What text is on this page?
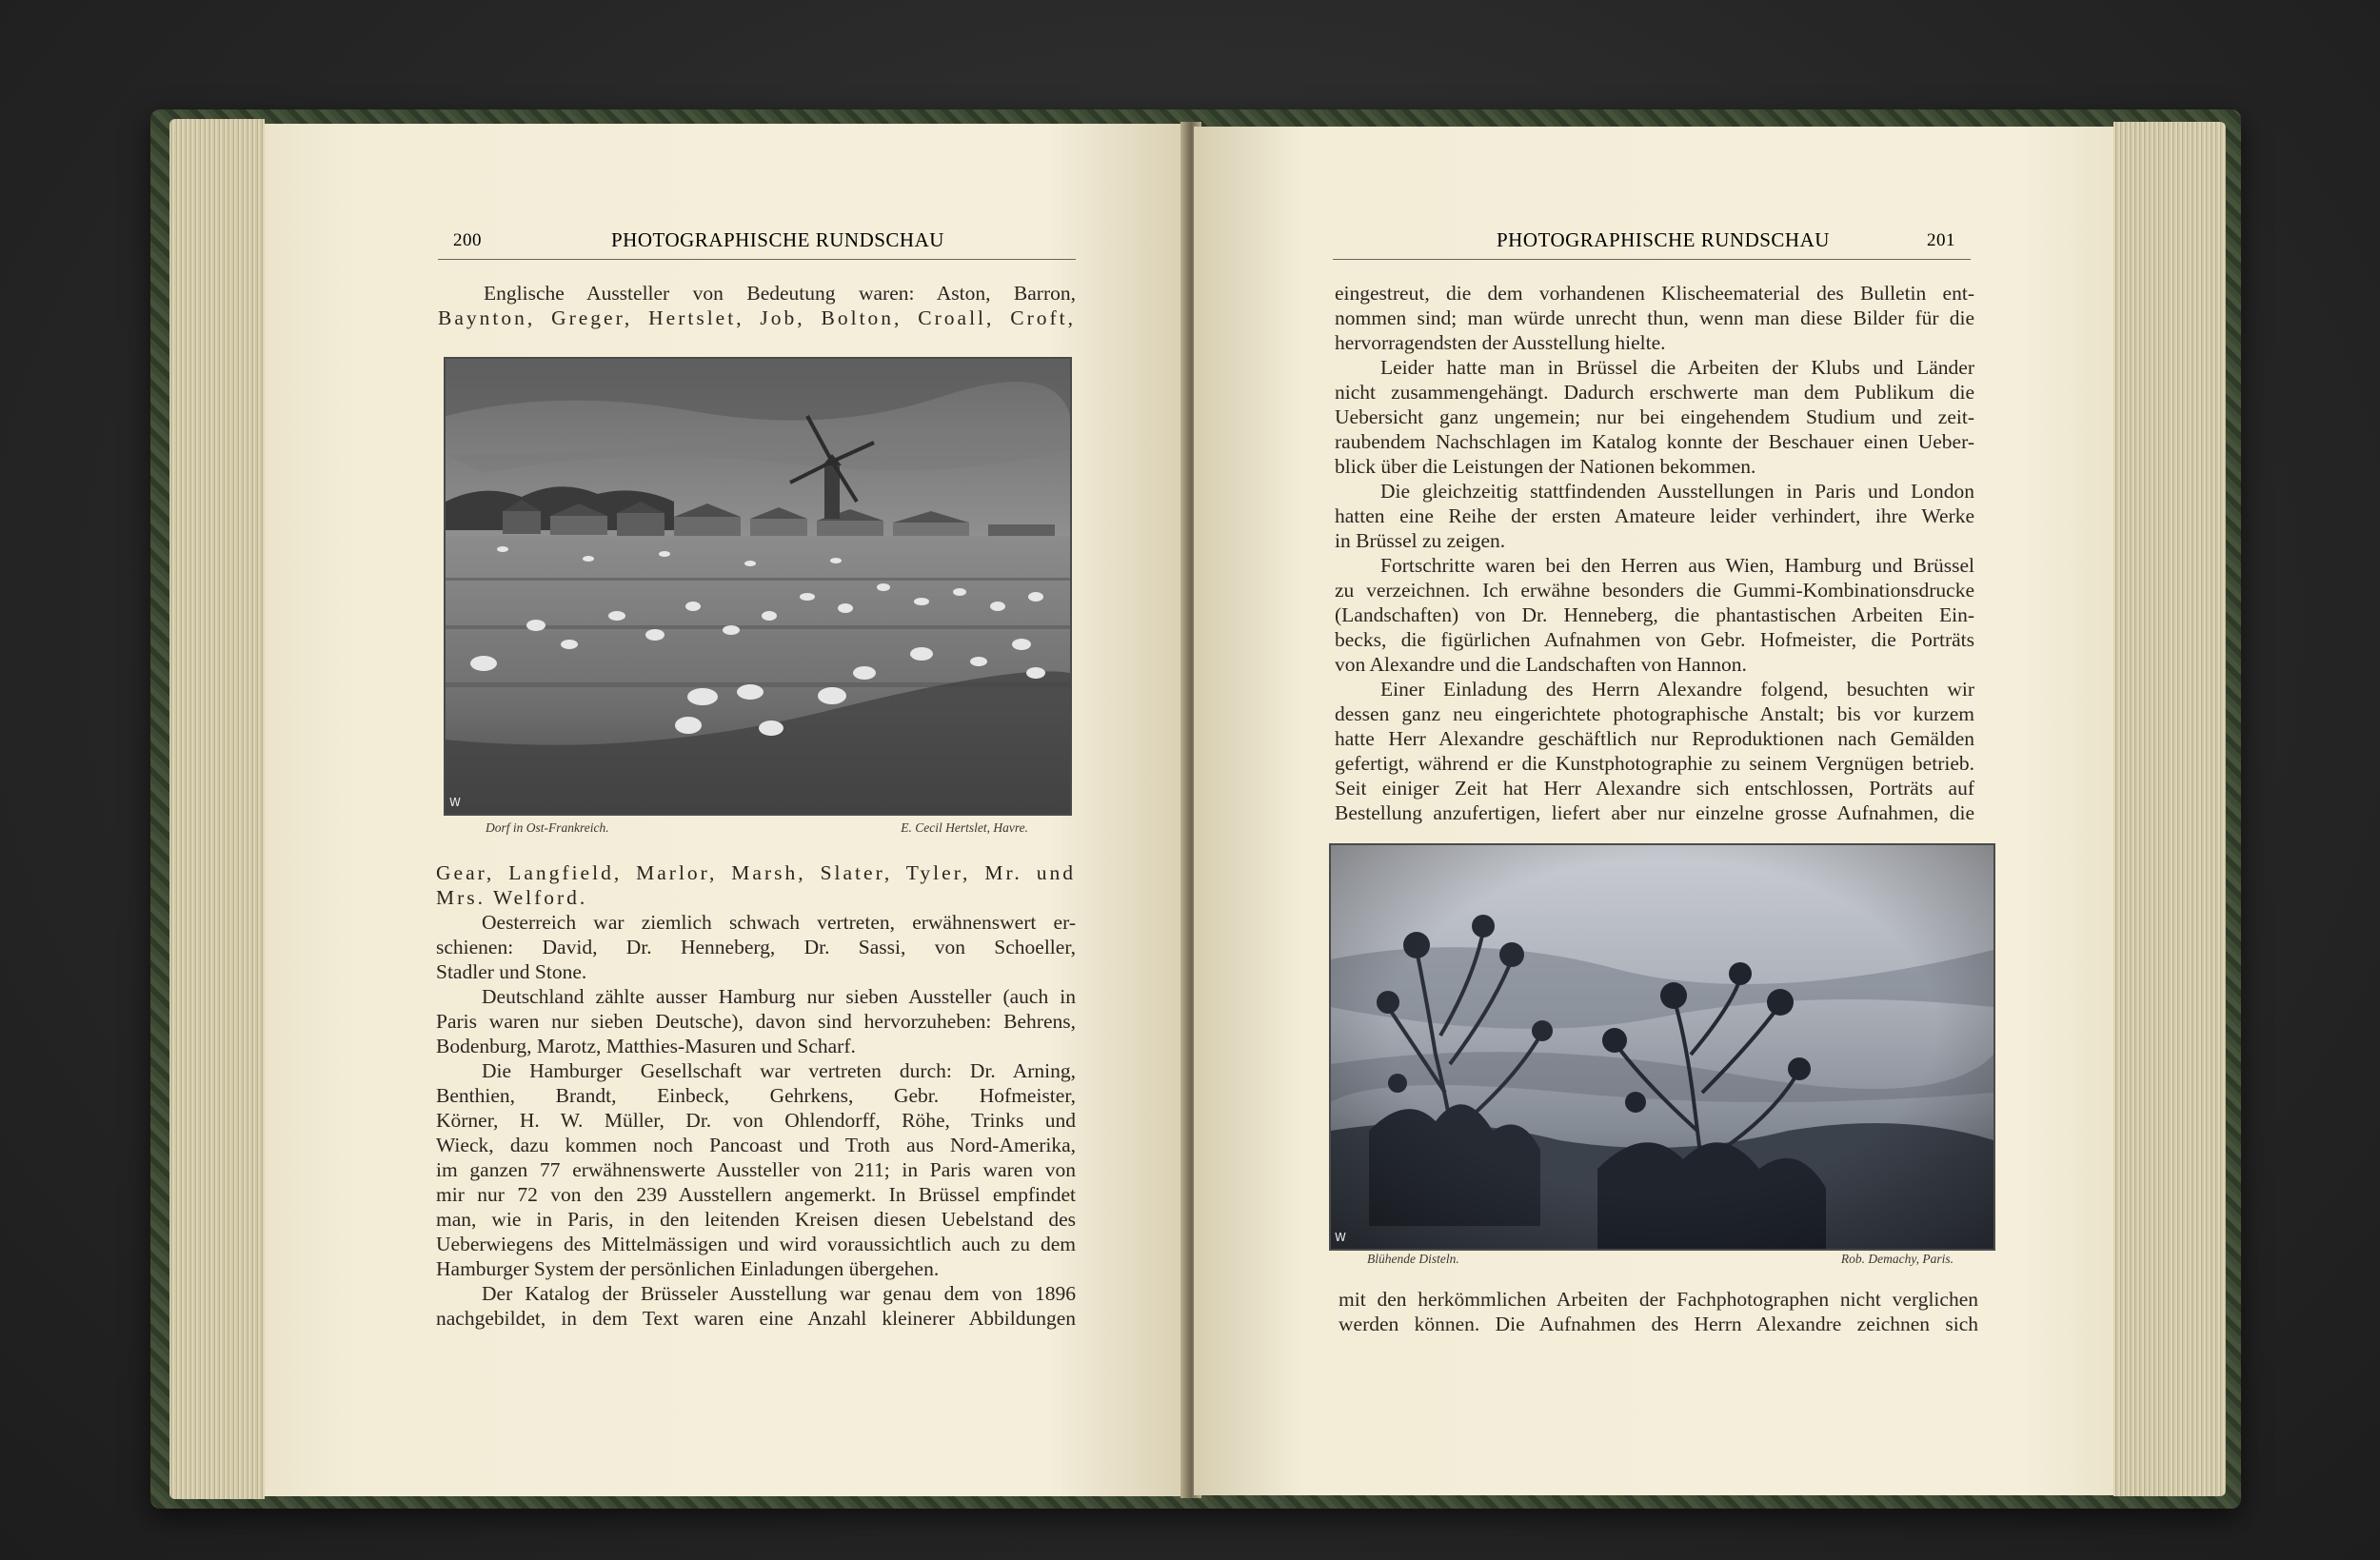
200	PHOTOGRAPHISCHE RUNDSCHAU

Englische Aussteller von Bedeutung waren: Aston, Barron,

Baynton, Greger, Hertslet, Job, Bolton, Croall, Croft,

W
Dorf in Ost-Frankreich.	E. Cecil Hertslet, Havre.

Gear, Langfield, Marlor, Marsh, Slater, Tyler, Mr. und

Mrs. Welford.

Oesterreich war ziemlich schwach vertreten, erwähnenswert er-

schienen: David, Dr. Henneberg, Dr. Sassi, von Schoeller,

Stadler und Stone.

Deutschland zählte ausser Hamburg nur sieben Aussteller (auch in

Paris waren nur sieben Deutsche), davon sind hervorzuheben: Behrens,

Bodenburg, Marotz, Matthies-Masuren und Scharf.

Die Hamburger Gesellschaft war vertreten durch: Dr. Arning,

Benthien, Brandt, Einbeck, Gehrkens, Gebr. Hofmeister,

Körner, H. W. Müller, Dr. von Ohlendorff, Röhe, Trinks und

Wieck, dazu kommen noch Pancoast und Troth aus Nord-Amerika,

im ganzen 77 erwähnenswerte Aussteller von 211; in Paris waren von

mir nur 72 von den 239 Ausstellern angemerkt. In Brüssel empfindet

man, wie in Paris, in den leitenden Kreisen diesen Uebelstand des

Ueberwiegens des Mittelmässigen und wird voraussichtlich auch zu dem

Hamburger System der persönlichen Einladungen übergehen.

Der Katalog der Brüsseler Ausstellung war genau dem von 1896

nachgebildet, in dem Text waren eine Anzahl kleinerer Abbildungen

PHOTOGRAPHISCHE RUNDSCHAU	201

eingestreut, die dem vorhandenen Klischeematerial des Bulletin ent-

nommen sind; man würde unrecht thun, wenn man diese Bilder für die

hervorragendsten der Ausstellung hielte.

Leider hatte man in Brüssel die Arbeiten der Klubs und Länder

nicht zusammengehängt. Dadurch erschwerte man dem Publikum die

Uebersicht ganz ungemein; nur bei eingehendem Studium und zeit-

raubendem Nachschlagen im Katalog konnte der Beschauer einen Ueber-

blick über die Leistungen der Nationen bekommen.

Die gleichzeitig stattfindenden Ausstellungen in Paris und London

hatten eine Reihe der ersten Amateure leider verhindert, ihre Werke

in Brüssel zu zeigen.

Fortschritte waren bei den Herren aus Wien, Hamburg und Brüssel

zu verzeichnen. Ich erwähne besonders die Gummi-Kombinationsdrucke

(Landschaften) von Dr. Henneberg, die phantastischen Arbeiten Ein-

becks, die figürlichen Aufnahmen von Gebr. Hofmeister, die Porträts

von Alexandre und die Landschaften von Hannon.

Einer Einladung des Herrn Alexandre folgend, besuchten wir

dessen ganz neu eingerichtete photographische Anstalt; bis vor kurzem

hatte Herr Alexandre geschäftlich nur Reproduktionen nach Gemälden

gefertigt, während er die Kunstphotographie zu seinem Vergnügen betrieb.

Seit einiger Zeit hat Herr Alexandre sich entschlossen, Porträts auf

Bestellung anzufertigen, liefert aber nur einzelne grosse Aufnahmen, die

W
Blühende Disteln.	Rob. Demachy, Paris.

mit den herkömmlichen Arbeiten der Fachphotographen nicht verglichen

werden können. Die Aufnahmen des Herrn Alexandre zeichnen sich
